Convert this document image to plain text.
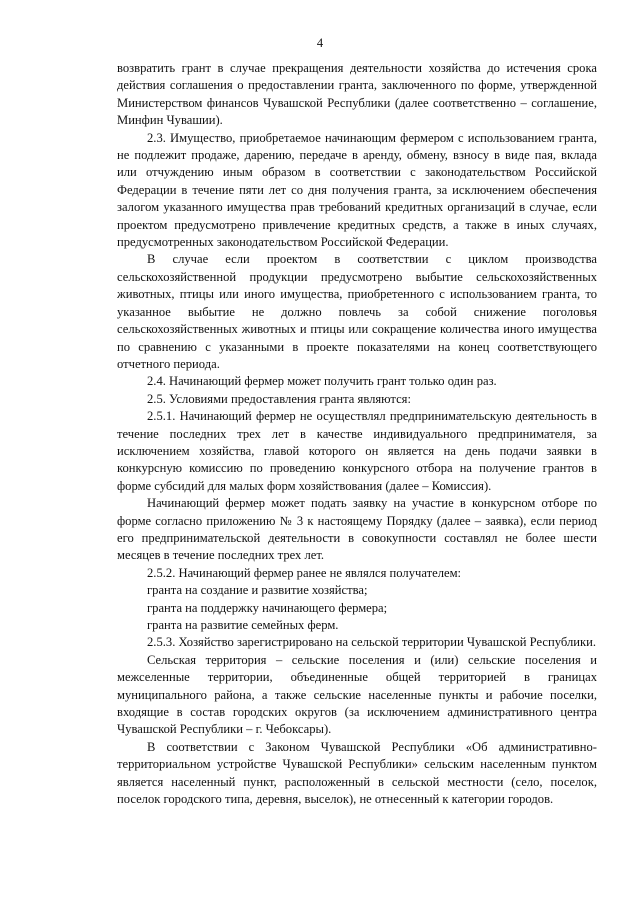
4

возвратить грант в случае прекращения деятельности хозяйства до истечения срока действия соглашения о предоставлении гранта, заключенного по форме, утвержденной Министерством финансов Чувашской Республики (далее соответственно – соглашение, Минфин Чувашии).

2.3. Имущество, приобретаемое начинающим фермером с использованием гранта, не подлежит продаже, дарению, передаче в аренду, обмену, взносу в виде пая, вклада или отчуждению иным образом в соответствии с законодательством Российской Федерации в течение пяти лет со дня получения гранта, за исключением обеспечения залогом указанного имущества прав требований кредитных организаций в случае, если проектом предусмотрено привлечение кредитных средств, а также в иных случаях, предусмотренных законодательством Российской Федерации.

В случае если проектом в соответствии с циклом производства сельскохозяйственной продукции предусмотрено выбытие сельскохозяйственных животных, птицы или иного имущества, приобретенного с использованием гранта, то указанное выбытие не должно повлечь за собой снижение поголовья сельскохозяйственных животных и птицы или сокращение количества иного имущества по сравнению с указанными в проекте показателями на конец соответствующего отчетного периода.

2.4. Начинающий фермер может получить грант только один раз.

2.5. Условиями предоставления гранта являются:

2.5.1. Начинающий фермер не осуществлял предпринимательскую деятельность в течение последних трех лет в качестве индивидуального предпринимателя, за исключением хозяйства, главой которого он является на день подачи заявки в конкурсную комиссию по проведению конкурсного отбора на получение грантов в форме субсидий для малых форм хозяйствования (далее – Комиссия).

Начинающий фермер может подать заявку на участие в конкурсном отборе по форме согласно приложению № 3 к настоящему Порядку (далее – заявка), если период его предпринимательской деятельности в совокупности составлял не более шести месяцев в течение последних трех лет.

2.5.2. Начинающий фермер ранее не являлся получателем:

гранта на создание и развитие хозяйства;

гранта на поддержку начинающего фермера;

гранта на развитие семейных ферм.

2.5.3. Хозяйство зарегистрировано на сельской территории Чувашской Республики.

Сельская территория – сельские поселения и (или) сельские поселения и межселенные территории, объединенные общей территорией в границах муниципального района, а также сельские населенные пункты и рабочие поселки, входящие в состав городских округов (за исключением административного центра Чувашской Республики – г. Чебоксары).

В соответствии с Законом Чувашской Республики «Об административно-территориальном устройстве Чувашской Республики» сельским населенным пунктом является населенный пункт, расположенный в сельской местности (село, поселок, поселок городского типа, деревня, выселок), не отнесенный к категории городов.
